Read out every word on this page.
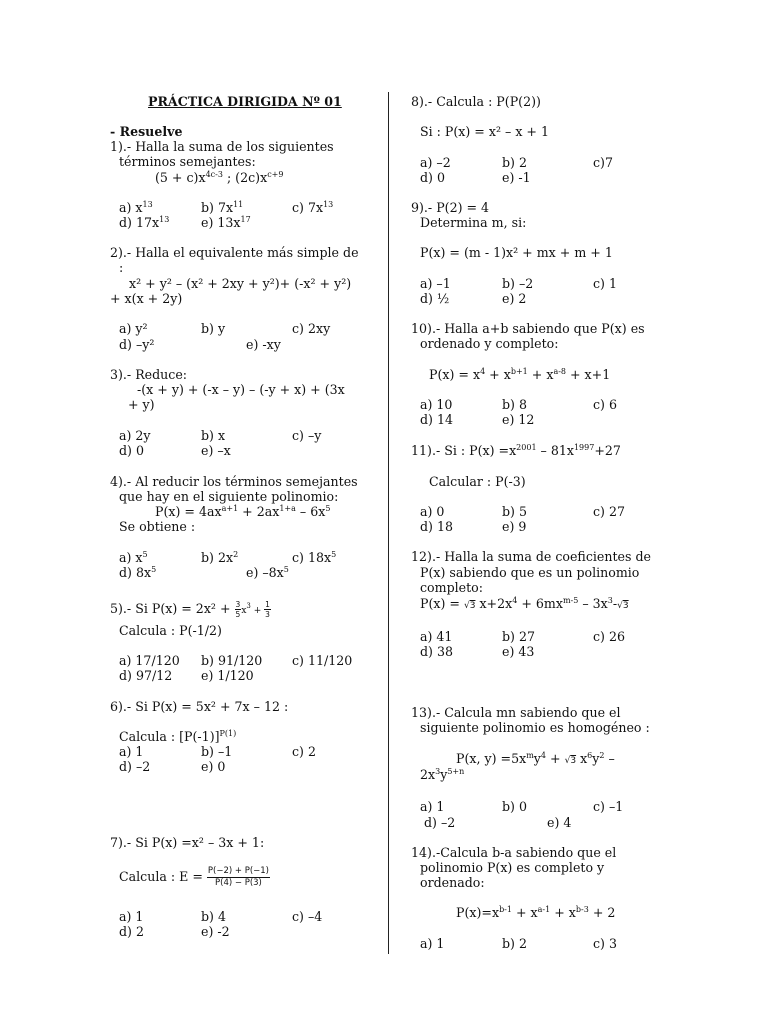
PRÁCTICA DIRIGIDA Nº 01
- Resuelve
1).- Halla la suma de los siguientes
términos semejantes:
$(5 + c)x^{4c-3}$ ; $(2c)x^{c+9}$
a) $x^{13}$	b) $7x^{11}$	c) $7x^{13}$
d) $17x^{13}$	e) $13x^{17}$
2).- Halla el equivalente más simple de
:
x² + y² – (x² + 2xy + y²)+ (-x² + y²)
+ x(x + 2y)
a) y²	b) y	c) 2xy
d) –y²	e) -xy
3).- Reduce:
-(x + y) + (-x – y) – (-y + x) + (3x
+ y)
a) 2y	b) x	c) –y
d) 0	e) –x
4).- Al reducir los términos semejantes
que hay en el siguiente polinomio:
$P(x) = 4ax^{a+1} + 2ax^{1+a} - 6x^5$
Se obtiene :
a) $x^5$	b) $2x^2$	c) $18x^5$
d) $8x^5$	e) $-8x^5$
5).- Si $P(x) = 2x^2 + \frac{3}{5} x^3 + \frac{1}{3}$
Calcula : P(-1/2)
a) 17/120 b) 91/120 c) 11/120
d) 97/12 e) 1/120
6).- Si P(x) = 5x² + 7x – 12 :
Calcula : $[P(-1)]^{P(1)}$
a) 1	b) –1	c) 2
d) –2	e) 0
7).- Si P(x) =x² – 3x + 1:
Calcula : $E = \frac{P(-2) + P(-1)}{P(4) - P(3)}$
a) 1	b) 4	c) –4
d) 2	e) -2
8).- Calcula : P(P(2))
Si : P(x) = x² – x + 1
a) –2	b) 2	c)7
d) 0	e) -1
9).- P(2) = 4
Determina m, si:
P(x) = (m - 1)x² + mx + m + 1
a) –1	b) –2	c) 1
d) ½	e) 2
10).- Halla a+b sabiendo que P(x) es
ordenado y completo:
$P(x) = x^4 + x^{b+1} + x^{a-8} + x+1$
a) 10	b) 8	c) 6
d) 14	e) 12
11).- Si : $P(x) =x^{2001} - 81x^{1997}+27$
Calcular : P(-3)
a) 0	b) 5	c) 27
d) 18	e) 9
12).- Halla la suma de coeficientes de
P(x) sabiendo que es un polinomio
completo:
P(x) = √3 $x+2x^4 + 6mx^{m-5} - 3x^3-√3$
a) 41	b) 27	c) 26
d) 38	e) 43
13).- Calcula mn sabiendo que el
siguiente polinomio es homogéneo :
P(x, $y) =5x^my^4 + √3$ $x^6y^2$ –
$2x^3y^{5+n}$
a) 1	b) 0	c) –1
d) –2	e) 4
14).-Calcula b-a sabiendo que el
polinomio P(x) es completo y
ordenado:
$P(x)=x^{b-1} + x^{a-1} + x^{b-3} + 2$
a) 1	b) 2	c) 3
